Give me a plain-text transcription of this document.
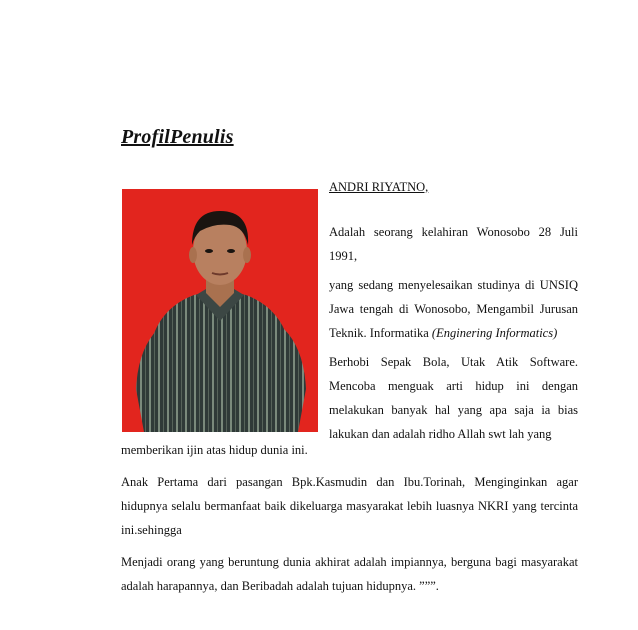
ProfilPenulis
ANDRI RIYATNO,
Adalah seorang kelahiran Wonosobo 28 Juli 1991,
yang sedang menyelesaikan studinya di UNSIQ Jawa tengah di Wonosobo, Mengambil Jurusan Teknik. Informatika (Enginering Informatics)
Berhobi Sepak Bola, Utak Atik Software. Mencoba menguak arti hidup ini dengan melakukan banyak hal yang apa saja ia bias lakukan dan adalah ridho Allah swt lah yang
memberikan ijin atas hidup dunia ini.
Anak Pertama dari pasangan Bpk.Kasmudin dan Ibu.Torinah, Menginginkan agar hidupnya selalu bermanfaat baik dikeluarga masyarakat lebih luasnya NKRI yang tercinta ini.sehingga
Menjadi orang yang beruntung dunia akhirat adalah impiannya, berguna bagi masyarakat adalah harapannya, dan Beribadah adalah tujuan hidupnya. ”””.
